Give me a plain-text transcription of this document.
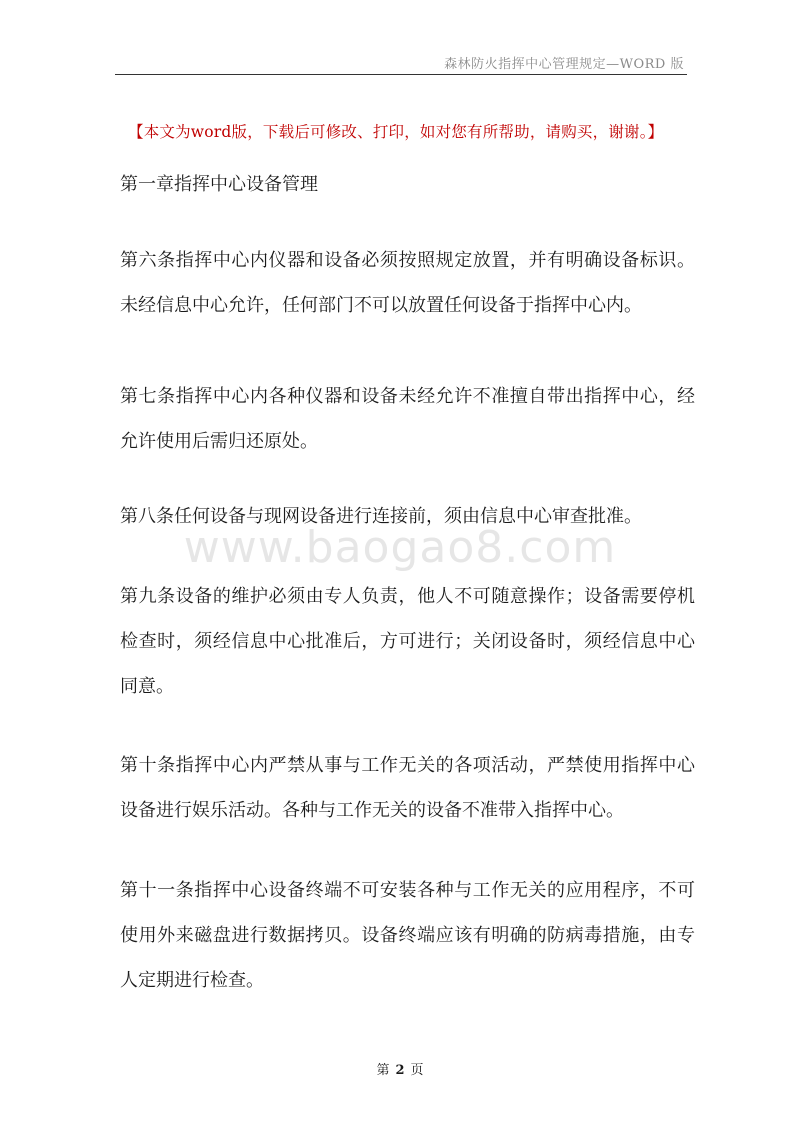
森林防火指挥中心管理规定—WORD 版
【本文为word版，下载后可修改、打印，如对您有所帮助，请购买，谢谢。】
第一章指挥中心设备管理
第六条指挥中心内仪器和设备必须按照规定放置，并有明确设备标识。未经信息中心允许，任何部门不可以放置任何设备于指挥中心内。
第七条指挥中心内各种仪器和设备未经允许不准擅自带出指挥中心，经允许使用后需归还原处。
第八条任何设备与现网设备进行连接前，须由信息中心审查批准。
www.baogao8.com
第九条设备的维护必须由专人负责，他人不可随意操作；设备需要停机检查时，须经信息中心批准后，方可进行；关闭设备时，须经信息中心同意。
第十条指挥中心内严禁从事与工作无关的各项活动，严禁使用指挥中心设备进行娱乐活动。各种与工作无关的设备不准带入指挥中心。
第十一条指挥中心设备终端不可安装各种与工作无关的应用程序，不可使用外来磁盘进行数据拷贝。设备终端应该有明确的防病毒措施，由专人定期进行检查。
第 2 页
